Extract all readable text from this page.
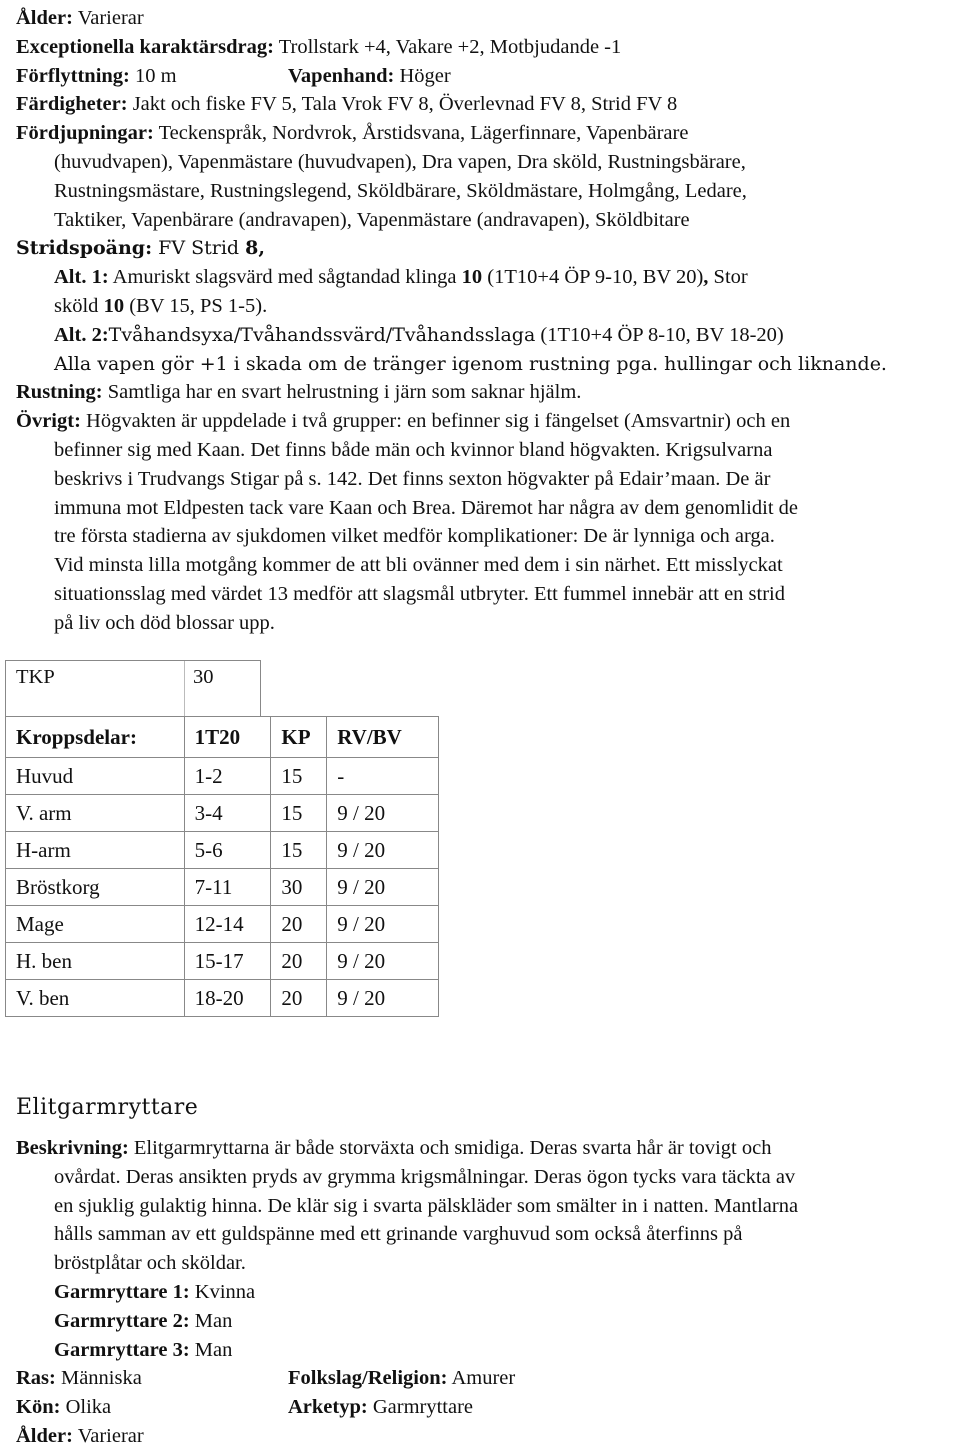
Ålder: Varierar
Exceptionella karaktärsdrag: Trollstark +4, Vakare +2, Motbjudande -1
Förflyttning: 10 m	Vapenhand: Höger
Färdigheter: Jakt och fiske FV 5, Tala Vrok FV 8, Överlevnad FV 8, Strid FV 8
Fördjupningar: Teckenspråk, Nordvrok, Årstidsvana, Lägerfinnare, Vapenbärare
(huvudvapen), Vapenmästare (huvudvapen), Dra vapen, Dra sköld, Rustningsbärare,
Rustningsmästare, Rustningslegend, Sköldbärare, Sköldmästare, Holmgång, Ledare,
Taktiker, Vapenbärare (andravapen), Vapenmästare (andravapen), Sköldbitare
Stridspoäng: FV Strid 8,
Alt. 1: Amuriskt slagsvärd med sågtandad klinga 10 (1T10+4 ÖP 9-10, BV 20), Stor
sköld 10 (BV 15, PS 1-5).
Alt. 2:Tvåhandsyxa/Tvåhandssvärd/Tvåhandsslaga (1T10+4 ÖP 8-10, BV 18-20)
Alla vapen gör +1 i skada om de tränger igenom rustning pga. hullingar och liknande.
Rustning: Samtliga har en svart helrustning i järn som saknar hjälm.
Övrigt: Högvakten är uppdelade i två grupper: en befinner sig i fängelset (Amsvartnir) och en
befinner sig med Kaan. Det finns både män och kvinnor bland högvakten. Krigsulvarna
beskrivs i Trudvangs Stigar på s. 142. Det finns sexton högvakter på Edair’maan. De är
immuna mot Eldpesten tack vare Kaan och Brea. Däremot har några av dem genomlidit de
tre första stadierna av sjukdomen vilket medför komplikationer: De är lynniga och arga.
Vid minsta lilla motgång kommer de att bli ovänner med dem i sin närhet. Ett misslyckat
situationsslag med värdet 13 medför att slagsmål utbryter. Ett fummel innebär att en strid
på liv och död blossar upp.
TKP	30
Kroppsdelar:	1T20	KP	RV/BV
Huvud	1-2	15	-
V. arm	3-4	15	9 / 20
H-arm	5-6	15	9 / 20
Bröstkorg	7-11	30	9 / 20
Mage	12-14	20	9 / 20
H. ben	15-17	20	9 / 20
V. ben	18-20	20	9 / 20
Elitgarmryttare
Beskrivning: Elitgarmryttarna är både storväxta och smidiga. Deras svarta hår är tovigt och
ovårdat. Deras ansikten pryds av grymma krigsmålningar. Deras ögon tycks vara täckta av
en sjuklig gulaktig hinna. De klär sig i svarta pälskläder som smälter in i natten. Mantlarna
hålls samman av ett guldspänne med ett grinande varghuvud som också återfinns på
bröstplåtar och sköldar.
Garmryttare 1: Kvinna
Garmryttare 2: Man
Garmryttare 3: Man
Ras: Människa	Folkslag/Religion: Amurer
Kön: Olika	Arketyp: Garmryttare
Ålder: Varierar
